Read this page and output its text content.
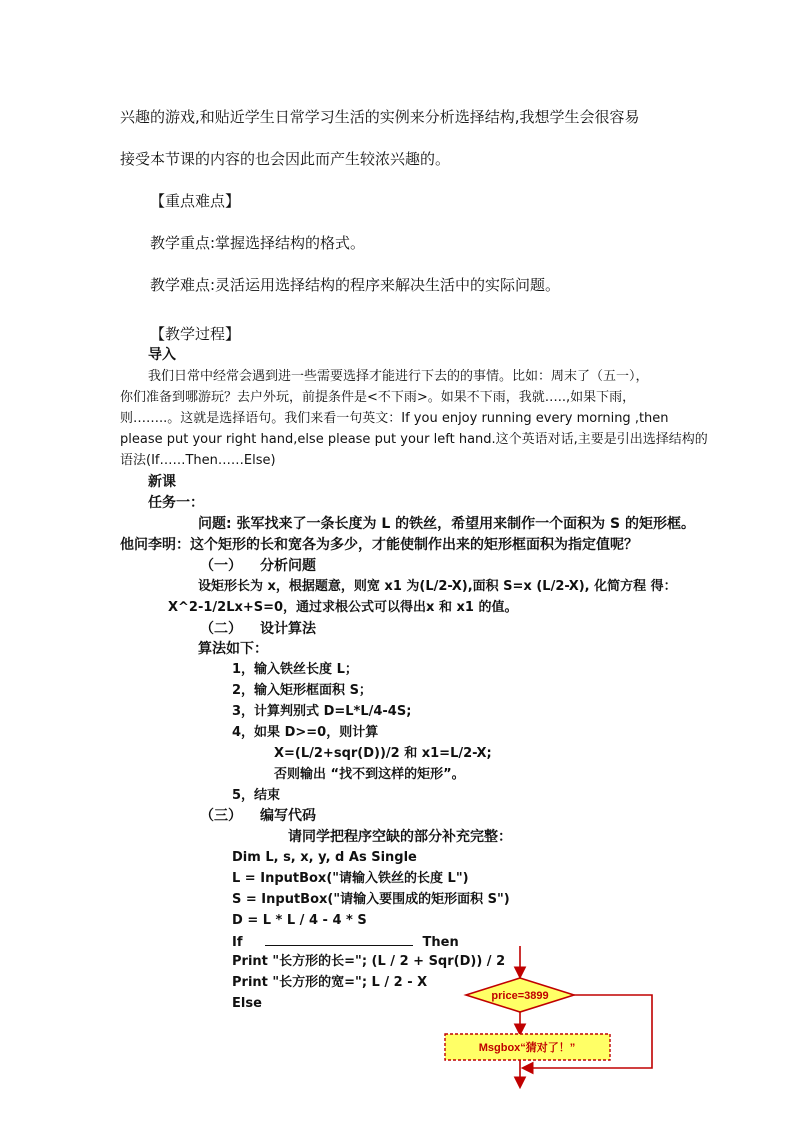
兴趣的游戏,和贴近学生日常学习生活的实例来分析选择结构,我想学生会很容易
接受本节课的内容的也会因此而产生较浓兴趣的。
【重点难点】
教学重点:掌握选择结构的格式。
教学难点:灵活运用选择结构的程序来解决生活中的实际问题。
【教学过程】
导入
我们日常中经常会遇到进一些需要选择才能进行下去的的事情。比如：周末了（五一），
你们准备到哪游玩？去户外玩，前提条件是<不下雨>。如果不下雨，我就…..,如果下雨，
则……..。这就是选择语句。我们来看一句英文：If you enjoy running every morning ,then
please put your right hand,else please put your left hand.这个英语对话,主要是引出选择结构的
语法(If……Then……Else)
新课
任务一：
问题: 张军找来了一条长度为 L 的铁丝，希望用来制作一个面积为 S 的矩形框。
他问李明：这个矩形的长和宽各为多少，才能使制作出来的矩形框面积为指定值呢？
（一） 分析问题
设矩形长为 x，根据题意，则宽 x1 为(L/2-X),面积 S=x (L/2-X), 化简方程 得：
X^2-1/2Lx+S=0，通过求根公式可以得出x 和 x1 的值。
（二） 设计算法
算法如下：
1，输入铁丝长度 L；
2，输入矩形框面积 S；
3，计算判别式 D=L*L/4-4S;
4，如果 D>=0，则计算
X=(L/2+sqr(D))/2 和 x1=L/2-X;
否则输出 “找不到这样的矩形”。
5，结束
（三） 编写代码
请同学把程序空缺的部分补充完整：
Dim L, s, x, y, d As Single
L = InputBox("请输入铁丝的长度 L")
S = InputBox("请输入要围成的矩形面积 S")
D = L * L / 4 - 4 * S
If	Then
Print "长方形的长="; (L / 2 + Sqr(D)) / 2
Print "长方形的宽="; L / 2 - X
Else	price=3899
Msgbox“猜对了！”
